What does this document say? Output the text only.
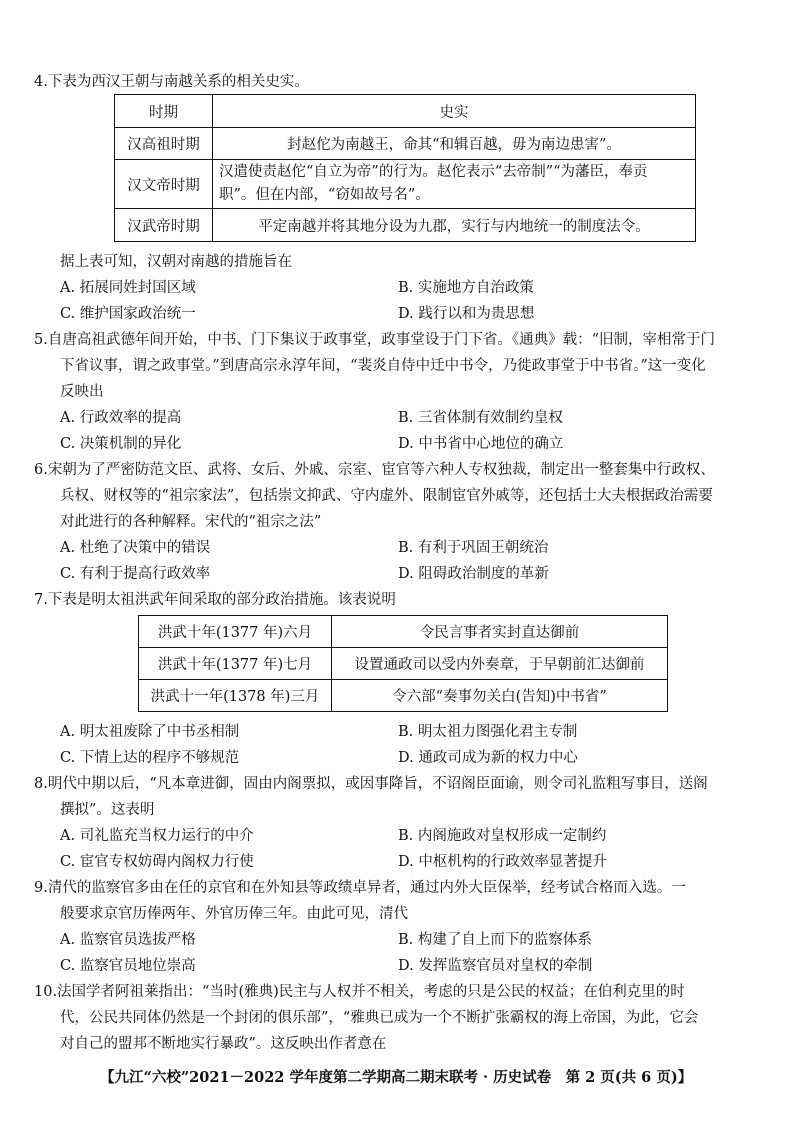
4.下表为西汉王朝与南越关系的相关史实。
时期	史实
汉高祖时期	封赵佗为南越王，命其“和辑百越，毋为南边患害”。
汉文帝时期	汉遣使责赵佗“自立为帝”的行为。赵佗表示“去帝制”“为藩臣，奉贡
职”。但在内部，“窃如故号名”。

汉武帝时期	平定南越并将其地分设为九郡，实行与内地统一的制度法令。
据上表可知，汉朝对南越的措施旨在
A. 拓展同姓封国区域	B. 实施地方自治政策
C. 维护国家政治统一	D. 践行以和为贵思想
5.自唐高祖武德年间开始，中书、门下集议于政事堂，政事堂设于门下省。《通典》载：“旧制，宰相常于门
下省议事，谓之政事堂。”到唐高宗永淳年间，“裴炎自侍中迁中书令，乃徙政事堂于中书省。”这一变化
反映出
A. 行政效率的提高	B. 三省体制有效制约皇权
C. 决策机制的异化	D. 中书省中心地位的确立
6.宋朝为了严密防范文臣、武将、女后、外戚、宗室、宦官等六种人专权独裁，制定出一整套集中行政权、
兵权、财权等的“祖宗家法”，包括崇文抑武、守内虚外、限制宦官外戚等，还包括士大夫根据政治需要
对此进行的各种解释。宋代的“祖宗之法”
A. 杜绝了决策中的错误	B. 有利于巩固王朝统治
C. 有利于提高行政效率	D. 阻碍政治制度的革新
7.下表是明太祖洪武年间采取的部分政治措施。该表说明
洪武十年(1377 年)六月	令民言事者实封直达御前
洪武十年(1377 年)七月	设置通政司以受内外奏章，于早朝前汇达御前
洪武十一年(1378 年)三月	令六部“奏事勿关白(告知)中书省”
A. 明太祖废除了中书丞相制	B. 明太祖力图强化君主专制
C. 下情上达的程序不够规范	D. 通政司成为新的权力中心
8.明代中期以后，“凡本章进御，固由内阁票拟，或因事降旨，不诏阁臣面谕，则令司礼监粗写事目，送阁
撰拟”。这表明
A. 司礼监充当权力运行的中介	B. 内阁施政对皇权形成一定制约
C. 宦官专权妨碍内阁权力行使	D. 中枢机构的行政效率显著提升
9.清代的监察官多由在任的京官和在外知县等政绩卓异者，通过内外大臣保举，经考试合格而入选。一
般要求京官历俸两年、外官历俸三年。由此可见，清代
A. 监察官员选拔严格	B. 构建了自上而下的监察体系
C. 监察官员地位崇高	D. 发挥监察官员对皇权的牵制
10.法国学者阿祖莱指出：“当时(雅典)民主与人权并不相关，考虑的只是公民的权益；在伯利克里的时
代，公民共同体仍然是一个封闭的俱乐部”，“雅典已成为一个不断扩张霸权的海上帝国，为此，它会
对自己的盟邦不断地实行暴政”。这反映出作者意在
【九江“六校”2021－2022 学年度第二学期高二期末联考 · 历史试卷　第 2 页(共 6 页)】
